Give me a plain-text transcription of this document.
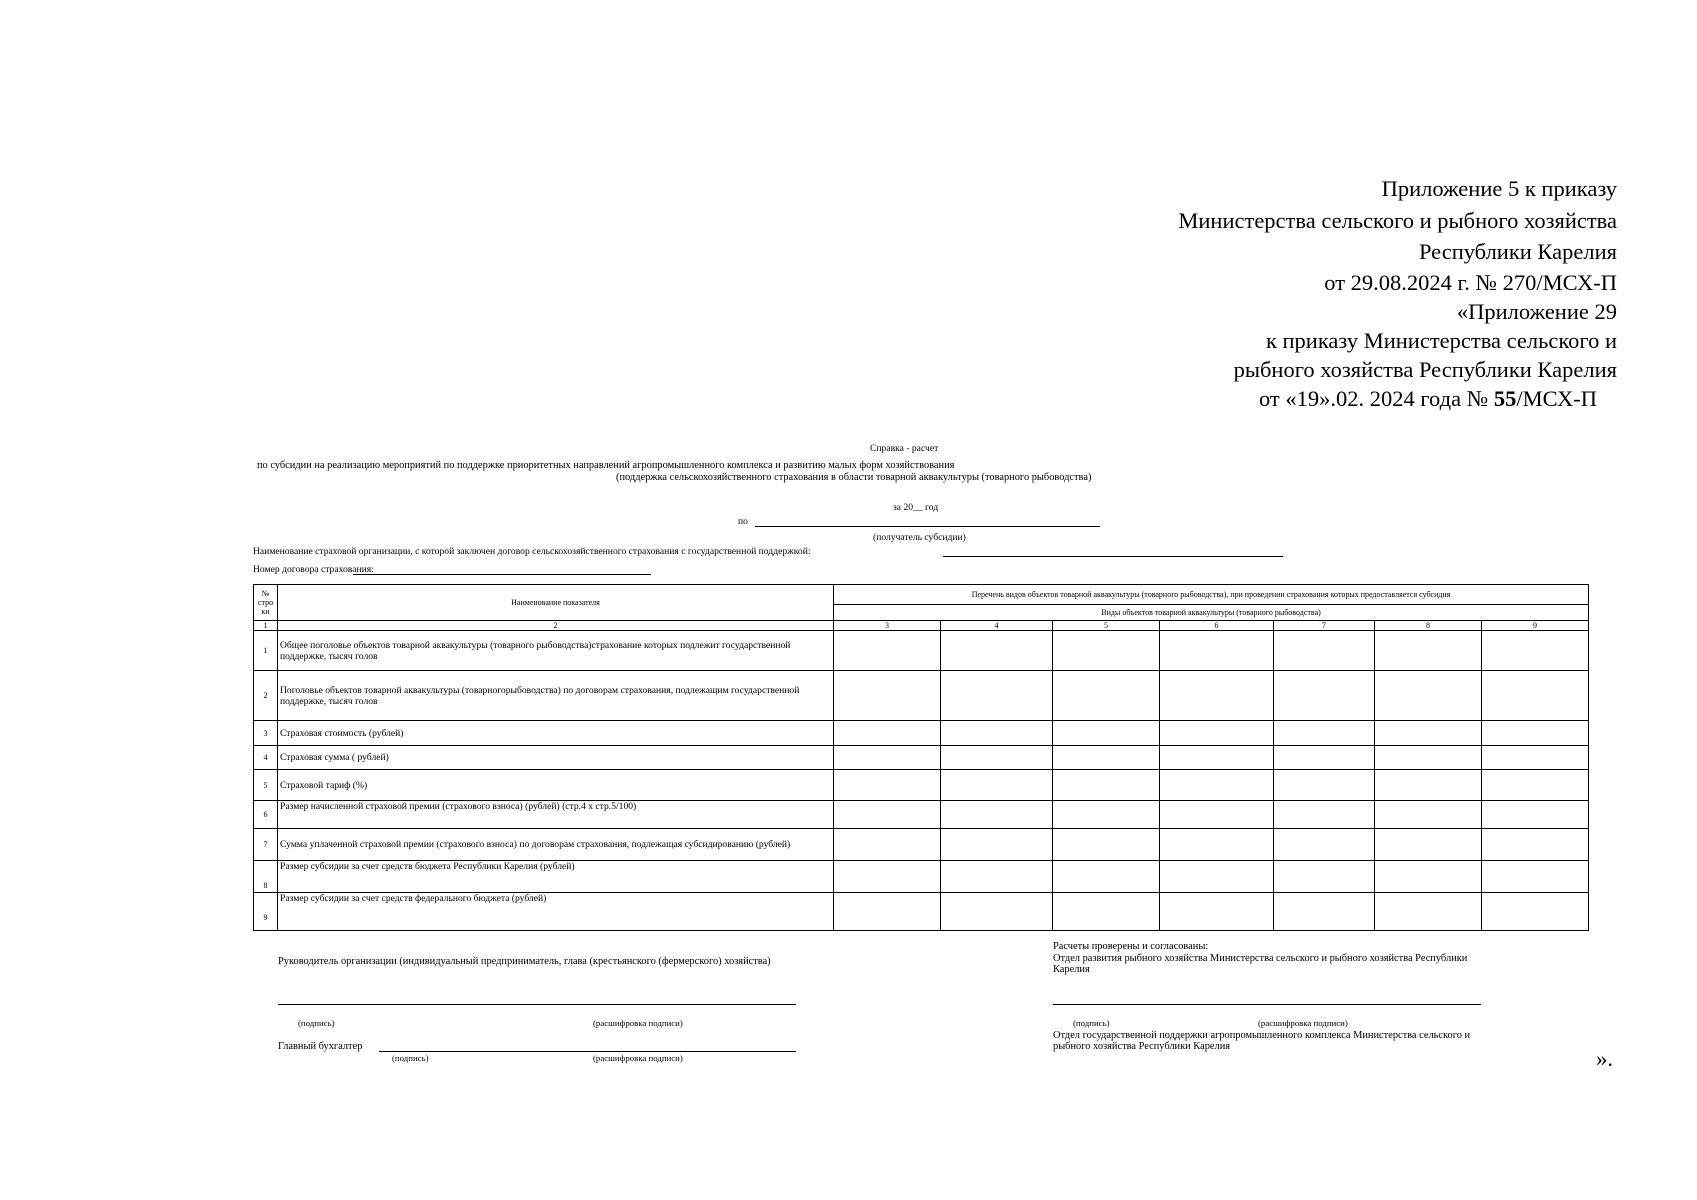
Приложение 5 к приказу
Министерства сельского и рыбного хозяйства
Республики Карелия
от 29.08.2024 г. № 270/МСХ-П
«Приложение 29
к приказу Министерства сельского и
рыбного хозяйства Республики Карелия
от «19».02. 2024 года № 55/МСХ-П
Справка - расчет
по субсидии на реализацию мероприятий по поддержке приоритетных направлений агропромышленного комплекса и развитию малых форм хозяйствования
(поддержка сельскохозяйственного страхования в области товарной аквакультуры (товарного рыбоводства)
за 20__ год
по
(получатель субсидии)
Наименование страховой организации, с которой заключен договор сельскохозяйственного страхования с государственной поддержкой:
Номер договора страхования:
№ стро ки	Наименование показателя	Перечень видов объектов товарной аквакультуры (товарного рыбоводства), при проведении страхования которых предоставляется субсидия						
		Виды объектов товарной аквакультуры (товарного рыбоводства)						
1	2	3	4	5	6	7	8	9
1	Общее поголовье объектов товарной аквакультуры (товарного рыбоводства)страхование которых подлежит государственной поддержке, тысяч голов							
2	Поголовье объектов товарной аквакультуры (товарногорыбоводства) по договорам страхования, подлежащим государственной поддержке, тысяч голов							
3	Страховая стоимость (рублей)							
4	Страховая сумма ( рублей)							
5	Страховой тариф (%)							
6	Размер начисленной страховой премии (страхового взноса) (рублей) (стр.4 х стр.5/100)							
7	Сумма уплаченной страховой премии (страхового взноса) по договорам страхования, подлежащая субсидированию (рублей)							
8	Размер субсидии за счет средств бюджета Республики Карелия (рублей)							
9	Размер субсидии за счет средств федерального бюджета (рублей)							
Руководитель организации (индивидуальный предприниматель, глава (крестьянского (фермерского) хозяйства)
(подпись)	(расшифровка подписи)
Главный бухгалтер
(подпись)	(расшифровка подписи)
Расчеты проверены и согласованы:
Отдел развития рыбного хозяйства Министерства сельского и рыбного хозяйства Республики Карелия
(подпись)	(расшифровка подписи)
Отдел государственной поддержки агропромышленного комплекса Министерства сельского и рыбного хозяйства Республики Карелия	».
